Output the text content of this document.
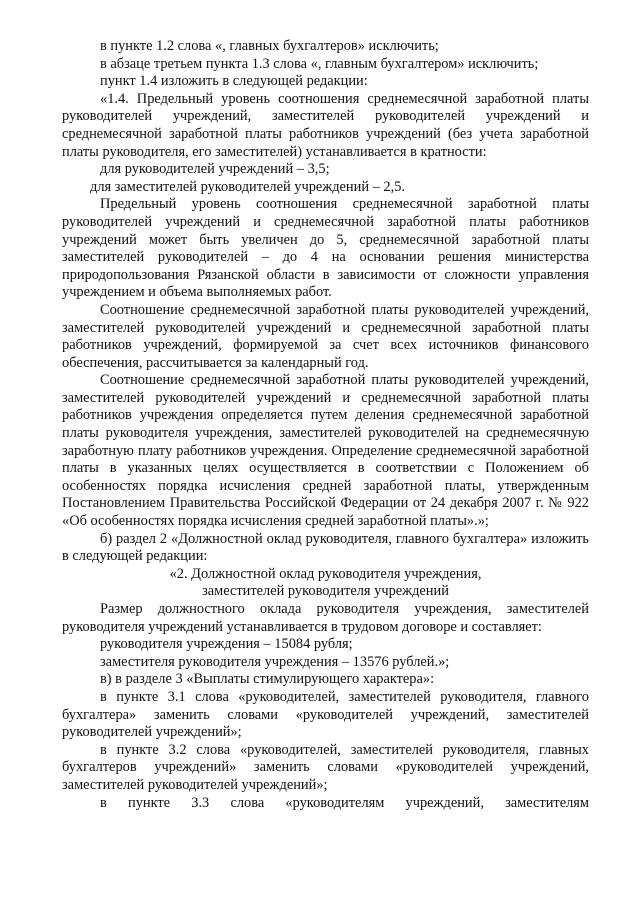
в пункте 1.2 слова «, главных бухгалтеров» исключить;

в абзаце третьем пункта 1.3 слова «, главным бухгалтером» исключить;

пункт 1.4 изложить в следующей редакции:

«1.4. Предельный уровень соотношения среднемесячной заработной платы руководителей учреждений, заместителей руководителей учреждений и среднемесячной заработной платы работников учреждений (без учета заработной платы руководителя, его заместителей) устанавливается в кратности:

для руководителей учреждений – 3,5;

для заместителей руководителей учреждений – 2,5.

Предельный уровень соотношения среднемесячной заработной платы руководителей учреждений и среднемесячной заработной платы работников учреждений может быть увеличен до 5, среднемесячной заработной платы заместителей руководителей – до 4 на основании решения министерства природопользования Рязанской области в зависимости от сложности управления учреждением и объема выполняемых работ.

Соотношение среднемесячной заработной платы руководителей учреждений, заместителей руководителей учреждений и среднемесячной заработной платы работников учреждений, формируемой за счет всех источников финансового обеспечения, рассчитывается за календарный год.

Соотношение среднемесячной заработной платы руководителей учреждений, заместителей руководителей учреждений и среднемесячной заработной платы работников учреждения определяется путем деления среднемесячной заработной платы руководителя учреждения, заместителей руководителей на среднемесячную заработную плату работников учреждения. Определение среднемесячной заработной платы в указанных целях осуществляется в соответствии с Положением об особенностях порядка исчисления средней заработной платы, утвержденным Постановлением Правительства Российской Федерации от 24 декабря 2007 г. № 922 «Об особенностях порядка исчисления средней заработной платы».»;

б) раздел 2 «Должностной оклад руководителя, главного бухгалтера» изложить в следующей редакции:

«2. Должностной оклад руководителя учреждения,

заместителей руководителя учреждений

Размер должностного оклада руководителя учреждения, заместителей руководителя учреждений устанавливается в трудовом договоре и составляет:

руководителя учреждения – 15084 рубля;

заместителя руководителя учреждения – 13576 рублей.»;

в) в разделе 3 «Выплаты стимулирующего характера»:

в пункте 3.1 слова «руководителей, заместителей руководителя, главного бухгалтера» заменить словами «руководителей учреждений, заместителей руководителей учреждений»;

в пункте 3.2 слова «руководителей, заместителей руководителя, главных бухгалтеров учреждений» заменить словами «руководителей учреждений, заместителей руководителей учреждений»;

в пункте 3.3 слова «руководителям учреждений, заместителям
